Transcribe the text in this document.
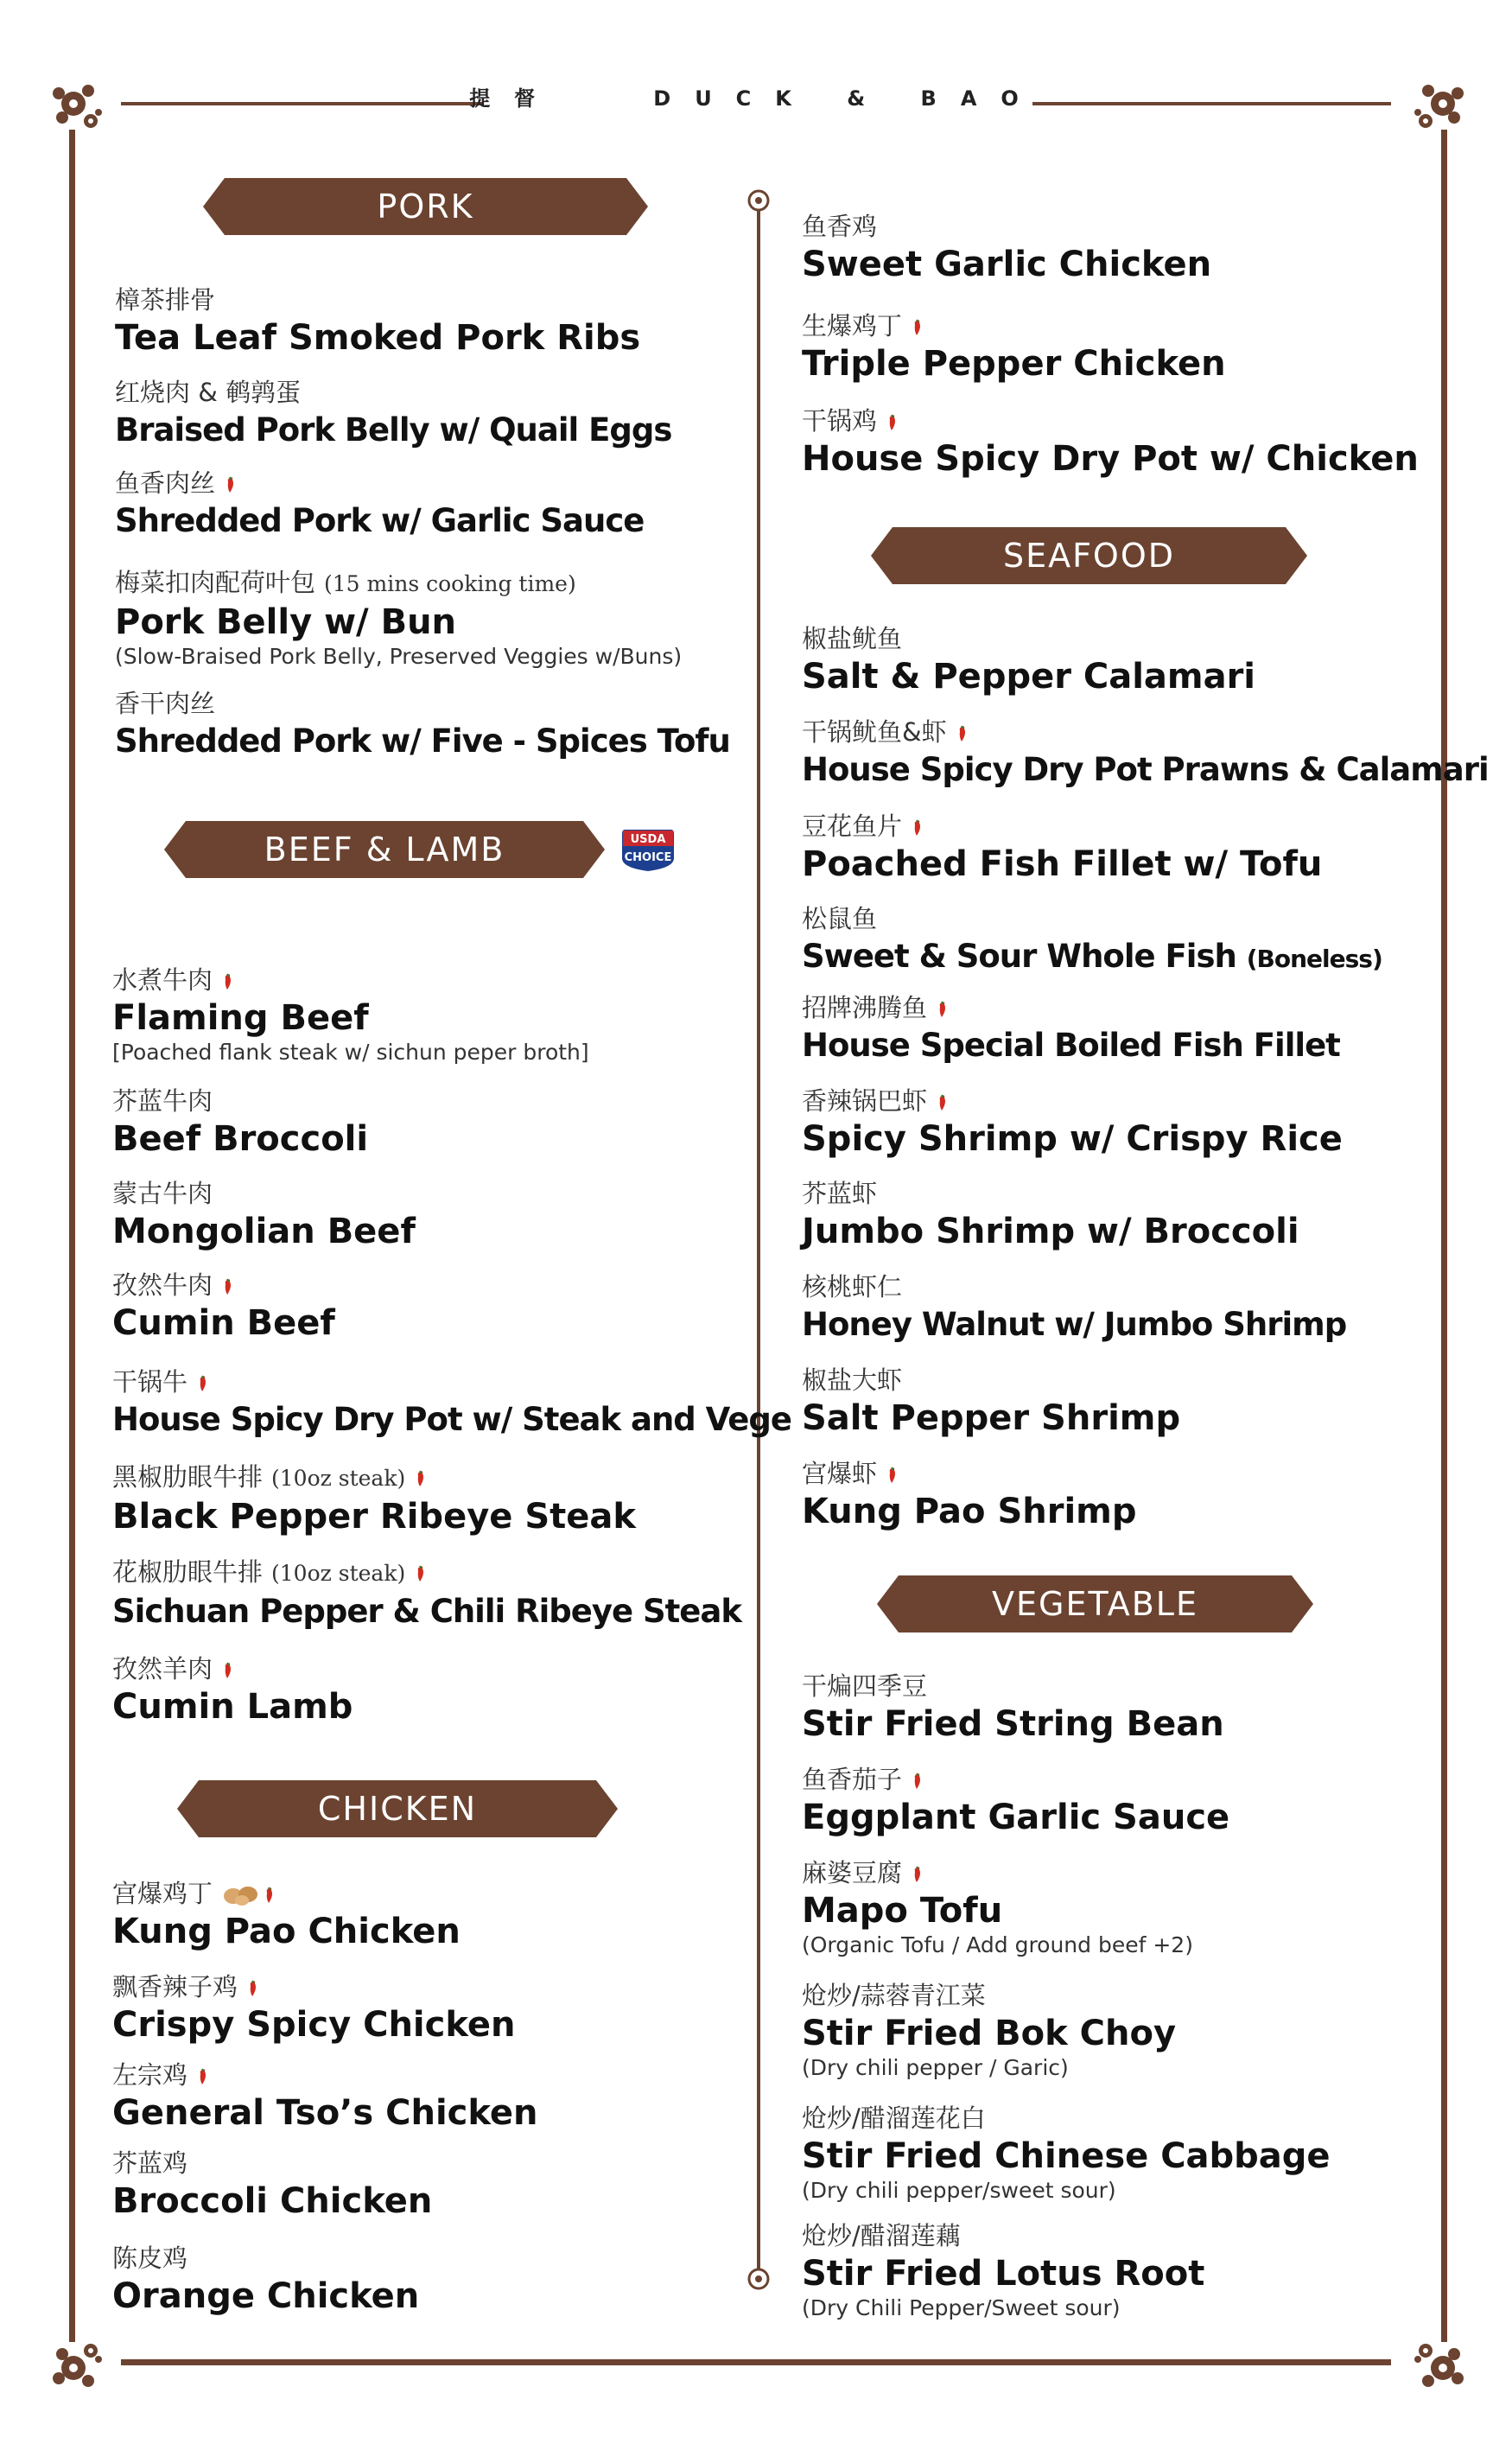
提督	DUCK & BAO
PORK
BEEF & LAMB
CHICKEN
SEAFOOD
VEGETABLE
USDA
CHOICE
樟茶排骨
Tea Leaf Smoked Pork Ribs
红烧肉 & 鹌鹑蛋
Braised Pork Belly w/ Quail Eggs
鱼香肉丝
Shredded Pork w/ Garlic Sauce
梅菜扣肉配荷叶包 (15 mins cooking time)
Pork Belly w/ Bun
(Slow-Braised Pork Belly, Preserved Veggies w/Buns)
香干肉丝
Shredded Pork w/ Five - Spices Tofu
水煮牛肉
Flaming Beef
[Poached flank steak w/ sichun peper broth]
芥蓝牛肉
Beef Broccoli
蒙古牛肉
Mongolian Beef
孜然牛肉
Cumin Beef
干锅牛
House Spicy Dry Pot w/ Steak and Vege
黑椒肋眼牛排 (10oz steak)
Black Pepper Ribeye Steak
花椒肋眼牛排 (10oz steak)
Sichuan Pepper & Chili Ribeye Steak
孜然羊肉
Cumin Lamb
宫爆鸡丁
Kung Pao Chicken
飘香辣子鸡
Crispy Spicy Chicken
左宗鸡
General Tso’s Chicken
芥蓝鸡
Broccoli Chicken
陈皮鸡
Orange Chicken
鱼香鸡
Sweet Garlic Chicken
生爆鸡丁
Triple Pepper Chicken
干锅鸡
House Spicy Dry Pot w/ Chicken
椒盐鱿鱼
Salt & Pepper Calamari
干锅鱿鱼&虾
House Spicy Dry Pot Prawns & Calamari
豆花鱼片
Poached Fish Fillet w/ Tofu
松鼠鱼
Sweet & Sour Whole Fish (Boneless)
招牌沸腾鱼
House Special Boiled Fish Fillet
香辣锅巴虾
Spicy Shrimp w/ Crispy Rice
芥蓝虾
Jumbo Shrimp w/ Broccoli
核桃虾仁
Honey Walnut w/ Jumbo Shrimp
椒盐大虾
Salt Pepper Shrimp
宫爆虾
Kung Pao Shrimp
干煸四季豆
Stir Fried String Bean
鱼香茄子
Eggplant Garlic Sauce
麻婆豆腐
Mapo Tofu
(Organic Tofu / Add ground beef +2)
炝炒/蒜蓉青江菜
Stir Fried Bok Choy
(Dry chili pepper / Garic)
炝炒/醋溜莲花白
Stir Fried Chinese Cabbage
(Dry chili pepper/sweet sour)
炝炒/醋溜莲藕
Stir Fried Lotus Root
(Dry Chili Pepper/Sweet sour)
